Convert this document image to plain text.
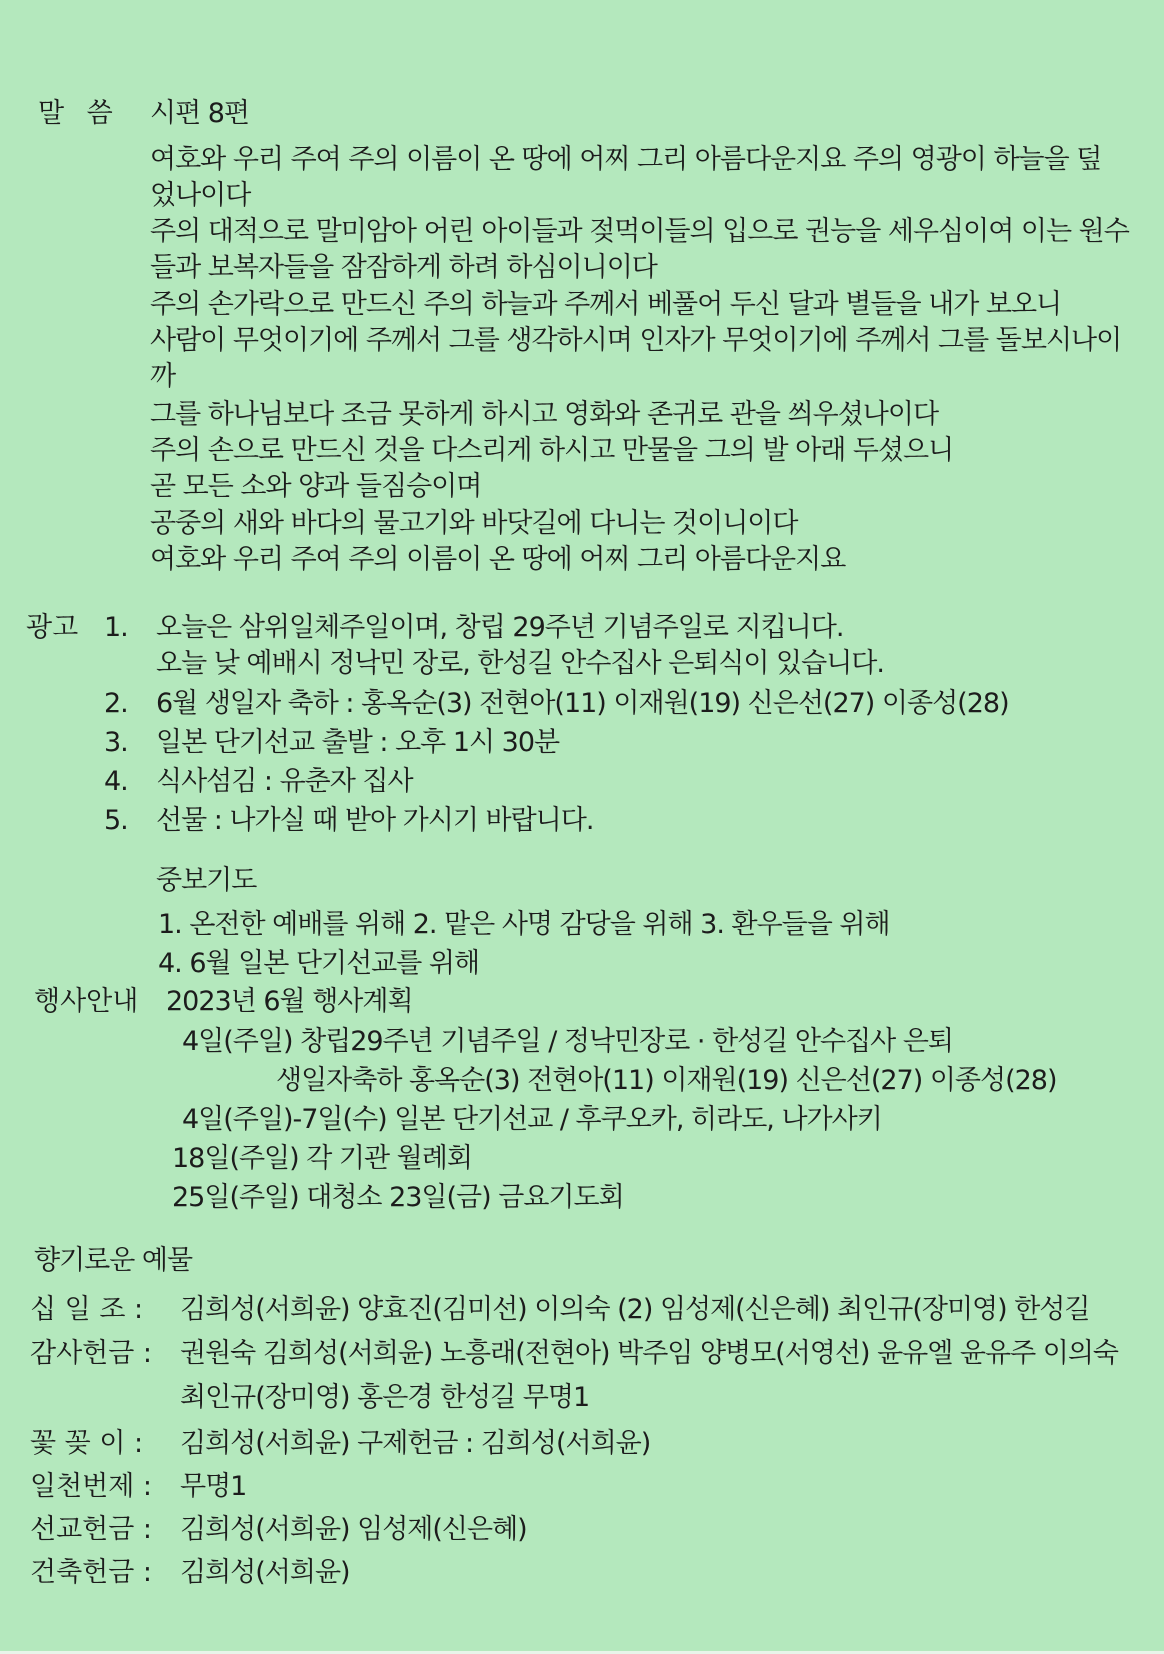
말 씀 시편 8편
여호와 우리 주여 주의 이름이 온 땅에 어찌 그리 아름다운지요 주의 영광이 하늘을 덮
었나이다
주의 대적으로 말미암아 어린 아이들과 젖먹이들의 입으로 권능을 세우심이여 이는 원수
들과 보복자들을 잠잠하게 하려 하심이니이다
주의 손가락으로 만드신 주의 하늘과 주께서 베풀어 두신 달과 별들을 내가 보오니
사람이 무엇이기에 주께서 그를 생각하시며 인자가 무엇이기에 주께서 그를 돌보시나이
까
그를 하나님보다 조금 못하게 하시고 영화와 존귀로 관을 씌우셨나이다
주의 손으로 만드신 것을 다스리게 하시고 만물을 그의 발 아래 두셨으니
곧 모든 소와 양과 들짐승이며
공중의 새와 바다의 물고기와 바닷길에 다니는 것이니이다
여호와 우리 주여 주의 이름이 온 땅에 어찌 그리 아름다운지요
광고 1. 오늘은 삼위일체주일이며, 창립 29주년 기념주일로 지킵니다.
오늘 낮 예배시 정낙민 장로, 한성길 안수집사 은퇴식이 있습니다.
2. 6월 생일자 축하 : 홍옥순(3) 전현아(11) 이재원(19) 신은선(27) 이종성(28)
3. 일본 단기선교 출발 : 오후 1시 30분
4. 식사섬김 : 유춘자 집사
5. 선물 : 나가실 때 받아 가시기 바랍니다.
중보기도
1. 온전한 예배를 위해 2. 맡은 사명 감당을 위해 3. 환우들을 위해
4. 6월 일본 단기선교를 위해
행사안내 2023년 6월 행사계획
4일(주일) 창립29주년 기념주일 / 정낙민장로 · 한성길 안수집사 은퇴
생일자축하 홍옥순(3) 전현아(11) 이재원(19) 신은선(27) 이종성(28)
4일(주일)-7일(수) 일본 단기선교 / 후쿠오카, 히라도, 나가사키
18일(주일) 각 기관 월례회
25일(주일) 대청소 23일(금) 금요기도회
향기로운 예물
십 일 조 : 김희성(서희윤) 양효진(김미선) 이의숙 (2) 임성제(신은혜) 최인규(장미영) 한성길
감사헌금 : 권원숙 김희성(서희윤) 노흥래(전현아) 박주임 양병모(서영선) 윤유엘 윤유주 이의숙
최인규(장미영) 홍은경 한성길 무명1
꽃 꽂 이 : 김희성(서희윤) 구제헌금 : 김희성(서희윤)
일천번제 : 무명1
선교헌금 : 김희성(서희윤) 임성제(신은혜)
건축헌금 : 김희성(서희윤)
